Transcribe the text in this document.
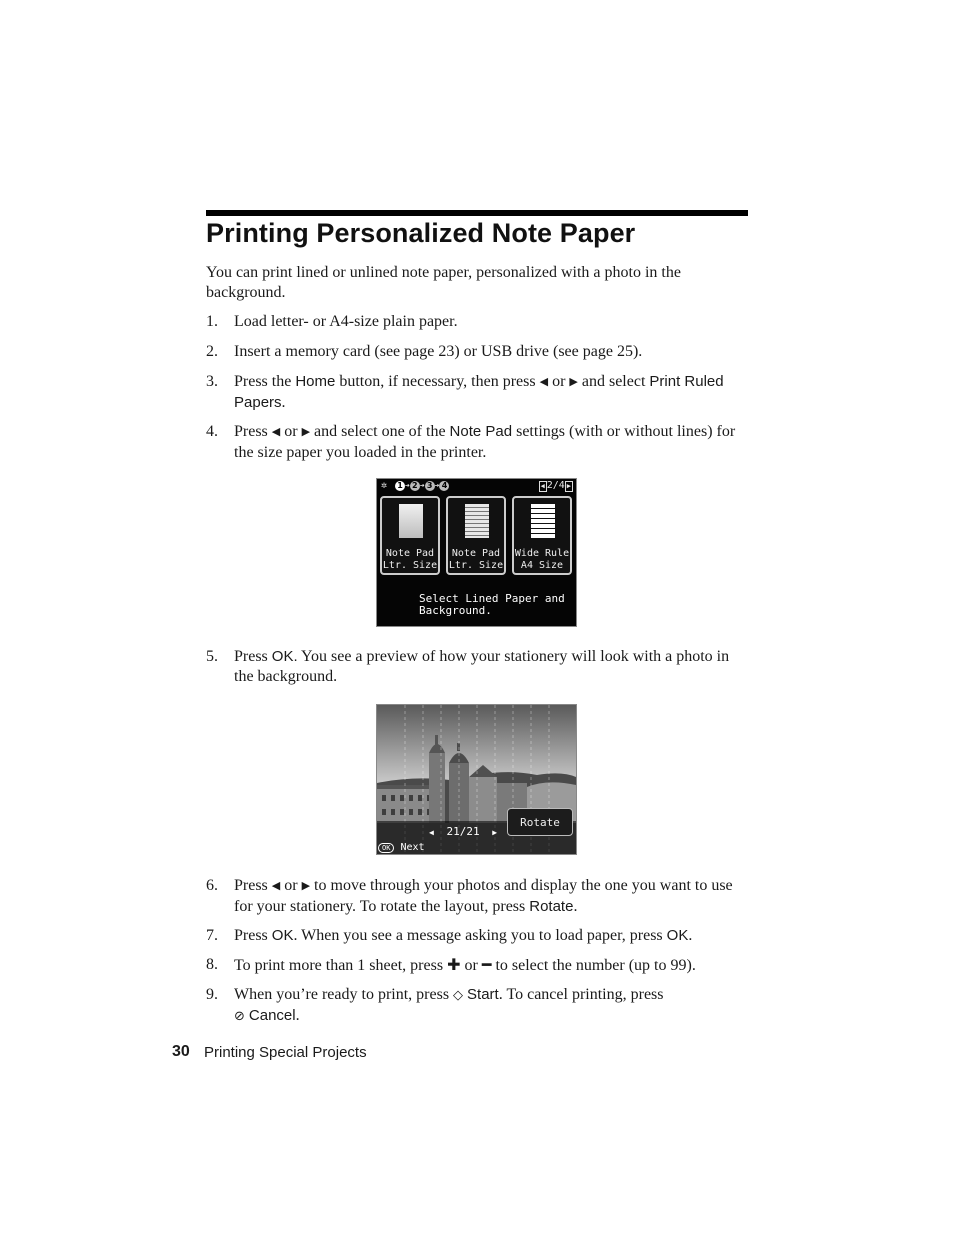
Printing Personalized Note Paper
You can print lined or unlined note paper, personalized with a photo in the background.
1.	Load letter- or A4-size plain paper.
2.	Insert a memory card (see page 23) or USB drive (see page 25).
3.	Press the Home button, if necessary, then press ◀ or ▶ and select Print Ruled Papers.
4.	Press ◀ or ▶ and select one of the Note Pad settings (with or without lines) for the size paper you loaded in the printer.
✲ 1 ➔ 2 ➔ 3 ➔ 4	◀ 2/4 ▶
Note Pad
Ltr. Size
Note Pad
Ltr. Size
Wide Rule
A4 Size
Select Lined Paper and
Background.
5.	Press OK. You see a preview of how your stationery will look with a photo in the background.
◀ 21/21 ▶
Rotate
OK Next
6.	Press ◀ or ▶ to move through your photos and display the one you want to use for your stationery. To rotate the layout, press Rotate.
7.	Press OK. When you see a message asking you to load paper, press OK.
8.	To print more than 1 sheet, press ✚ or ━ to select the number (up to 99).
9.	When you’re ready to print, press ◇ Start. To cancel printing, press
⊘ Cancel.
30 Printing Special Projects
